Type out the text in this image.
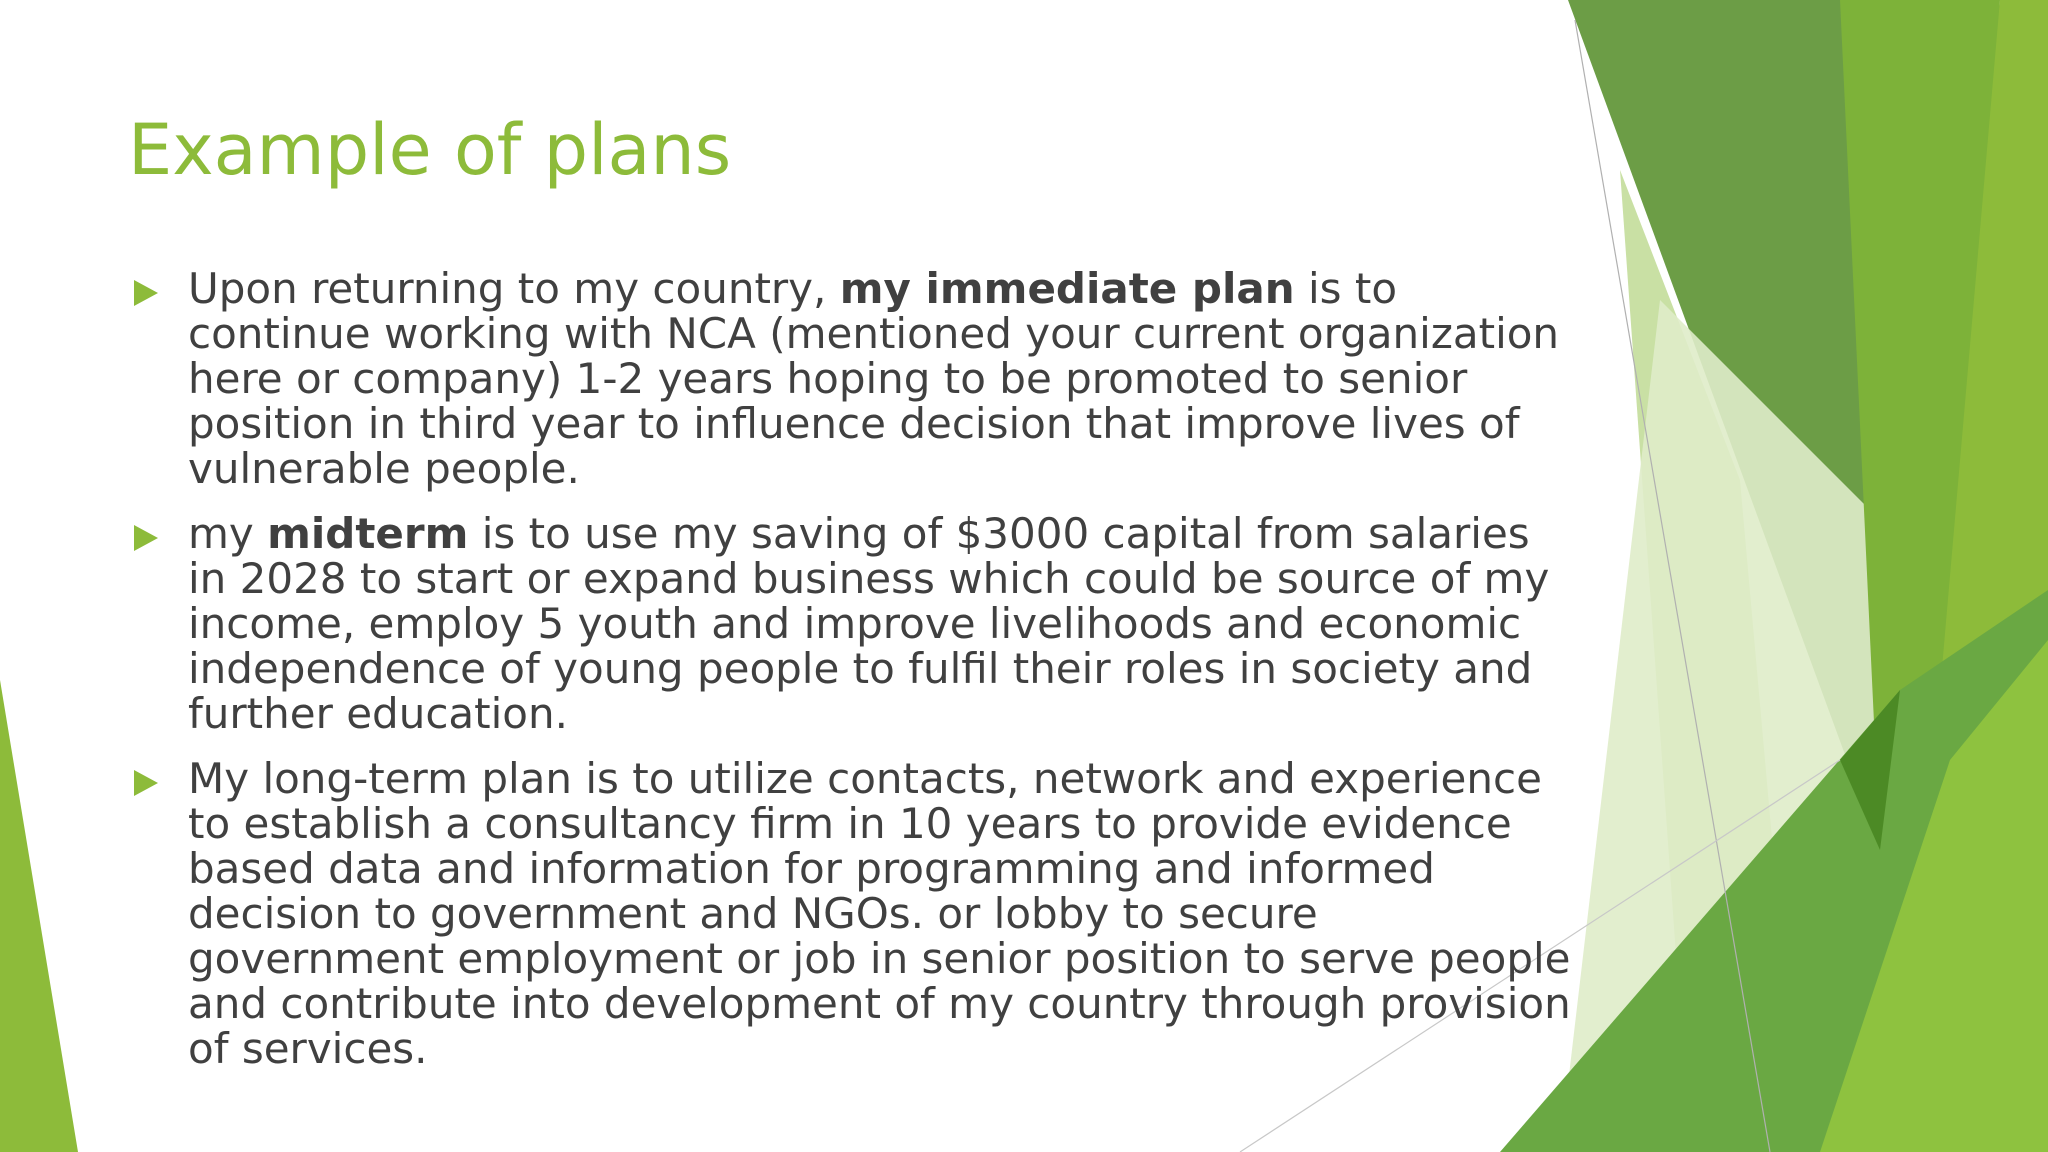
Example of plans
Upon returning to my country, my immediate plan is to continue working with NCA (mentioned your current organization here or company) 1-2 years hoping to be promoted to senior position in third year to influence decision that improve lives of vulnerable people.
my midterm is to use my saving of $3000 capital from salaries in 2028 to start or expand business which could be source of my income, employ 5 youth and improve livelihoods and economic independence of young people to fulfil their roles in society and further education.
My long-term plan is to utilize contacts, network and experience to establish a consultancy firm in 10 years to provide evidence based data and information for programming and informed decision to government and NGOs. or lobby to secure government employment or job in senior position to serve people and contribute into development of my country through provision of services.
